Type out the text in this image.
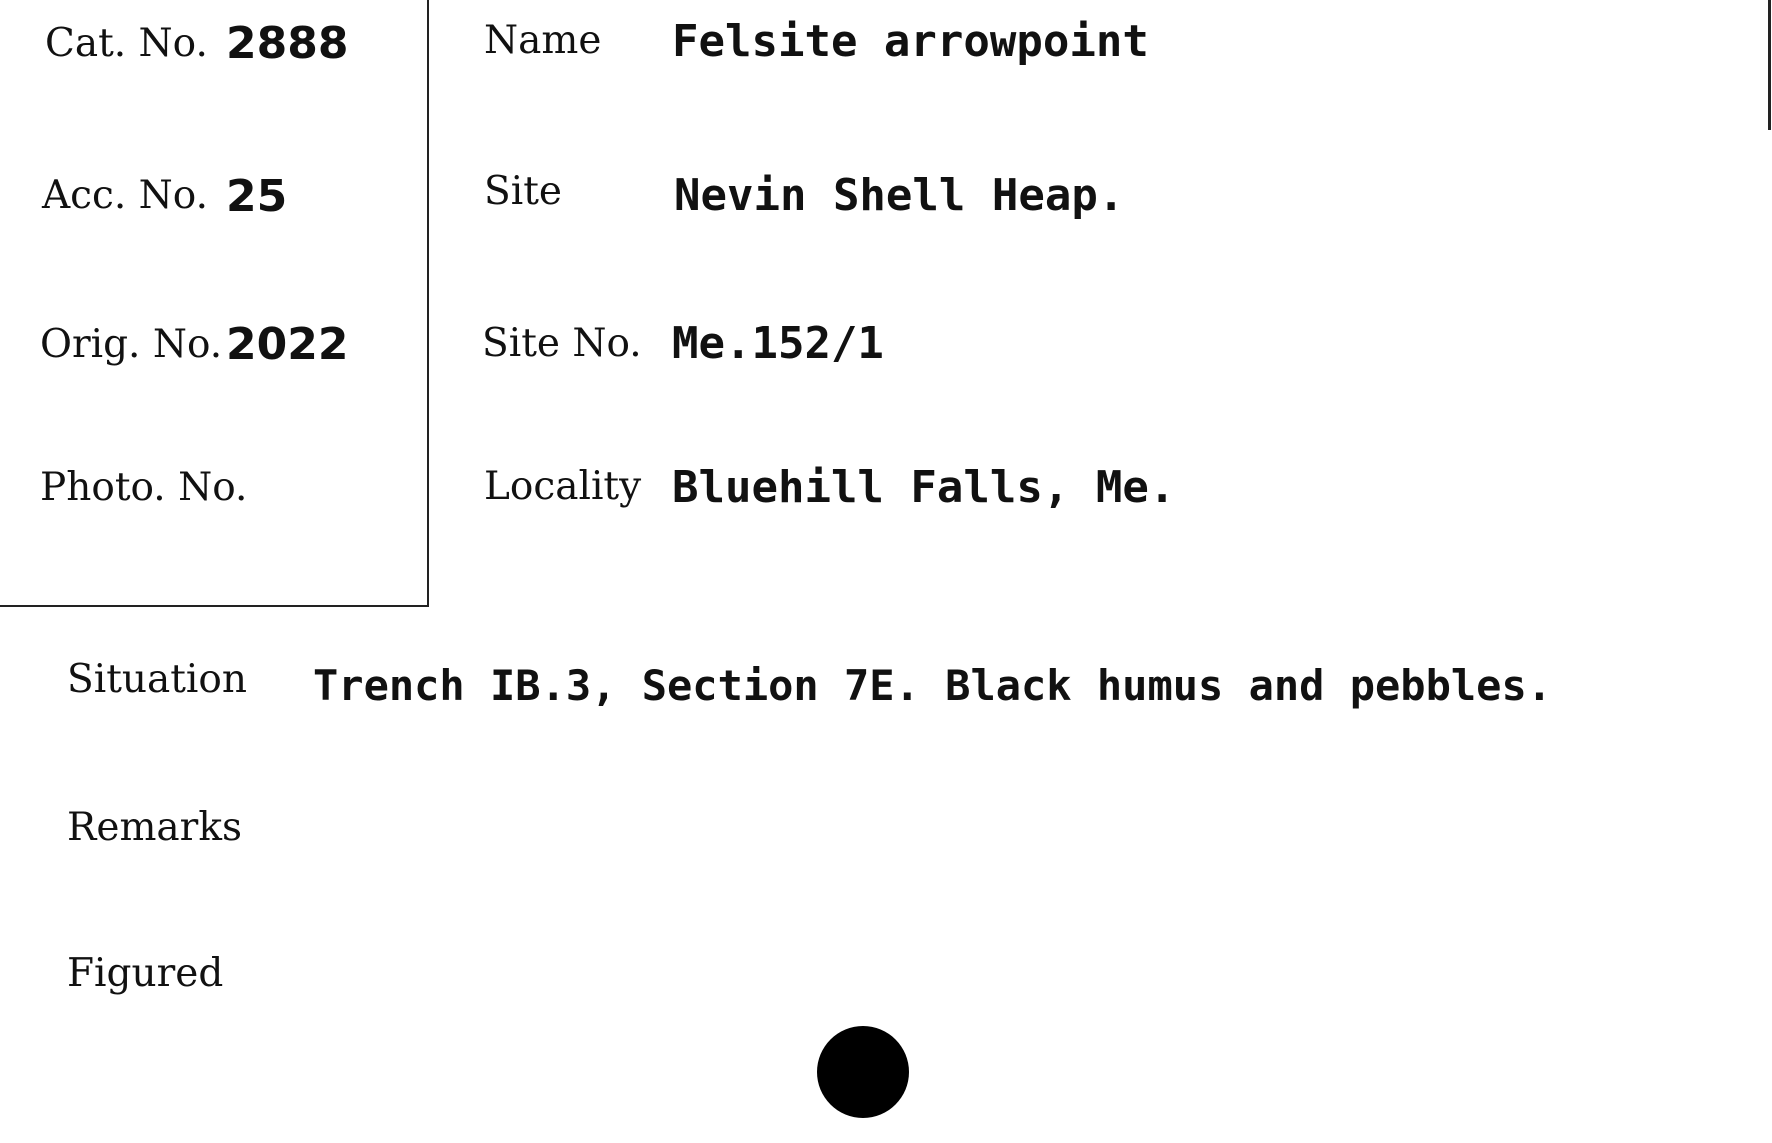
Cat. No. 2888
Acc. No. 25
Orig. No. 2022
Photo. No.
Name Felsite arrowpoint
Site	Nevin Shell Heap.
Site No. Me.152/1
Locality Bluehill Falls, Me.
Situation Trench IB.3, Section 7E. Black humus and pebbles.
Remarks
Figured
